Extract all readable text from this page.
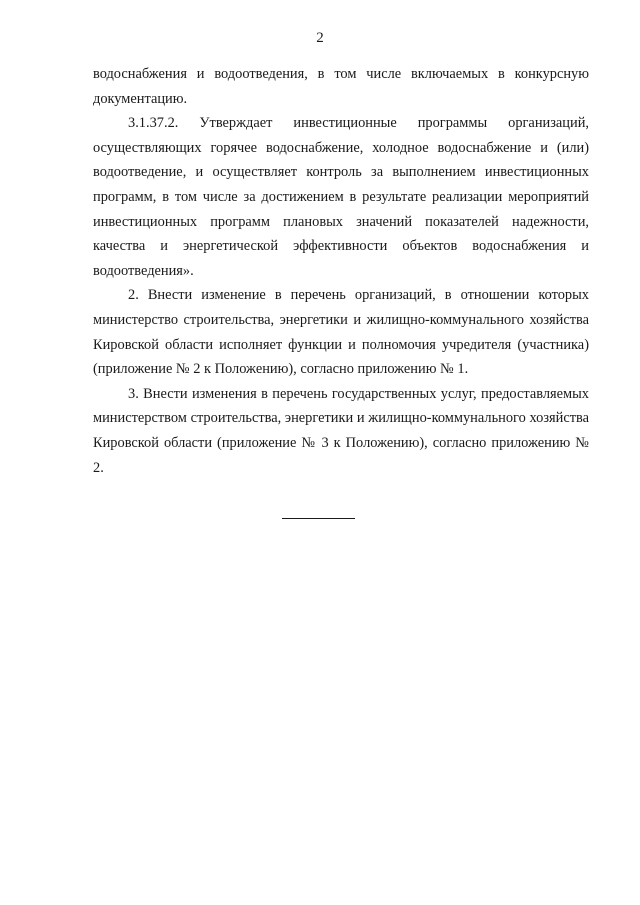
2

водоснабжения и водоотведения, в том числе включаемых в конкурсную документацию.

3.1.37.2. Утверждает инвестиционные программы организаций, осуществляющих горячее водоснабжение, холодное водоснабжение и (или) водоотведение, и осуществляет контроль за выполнением инвестиционных программ, в том числе за достижением в результате реализации мероприятий инвестиционных программ плановых значений показателей надежности, качества и энергетической эффективности объектов водоснабжения и водоотведения».

2. Внести изменение в перечень организаций, в отношении которых министерство строительства, энергетики и жилищно-коммунального хозяйства Кировской области исполняет функции и полномочия учредителя (участника) (приложение № 2 к Положению), согласно приложению № 1.

3. Внести изменения в перечень государственных услуг, предоставляемых министерством строительства, энергетики и жилищно-коммунального хозяйства Кировской области (приложение № 3 к Положению), согласно приложению № 2.
